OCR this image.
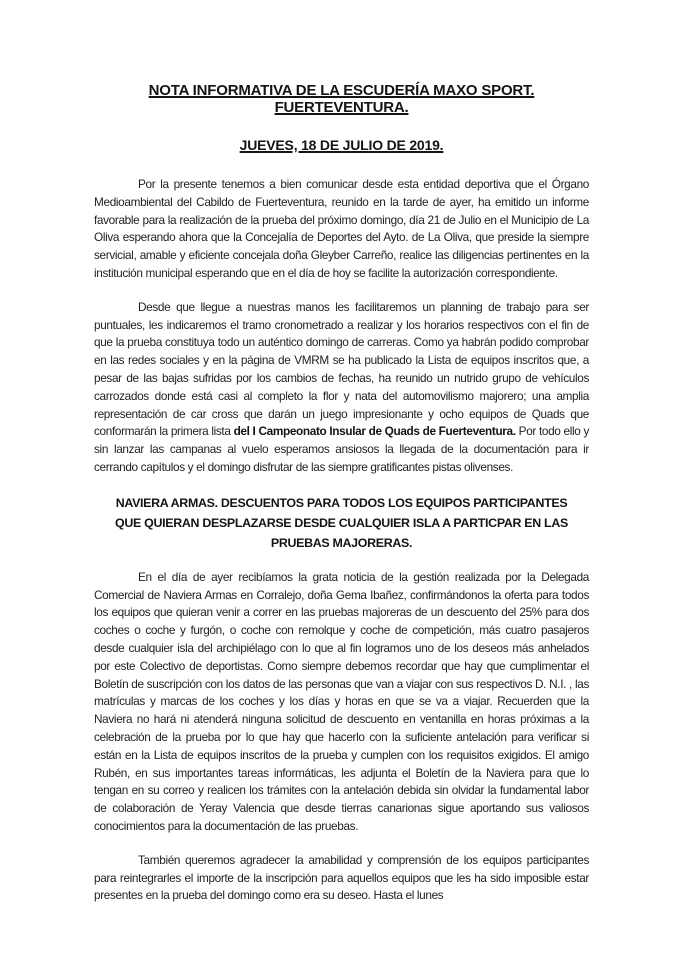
NOTA INFORMATIVA DE LA ESCUDERÍA MAXO SPORT. FUERTEVENTURA.
JUEVES, 18 DE JULIO DE 2019.

Por la presente tenemos a bien comunicar desde esta entidad deportiva que el Órgano Medioambiental del Cabildo de Fuerteventura, reunido en la tarde de ayer, ha emitido un informe favorable para la realización de la prueba del próximo domingo, día 21 de Julio en el Municipio de La Oliva esperando ahora que la Concejalía de Deportes del Ayto. de La Oliva, que preside la siempre servicial, amable y eficiente concejala doña Gleyber Carreño, realice las diligencias pertinentes en la institución municipal esperando que en el día de hoy se facilite la autorización correspondiente.

Desde que llegue a nuestras manos les facilitaremos un planning de trabajo para ser puntuales, les indicaremos el tramo cronometrado a realizar y los horarios respectivos con el fin de que la prueba constituya todo un auténtico domingo de carreras. Como ya habrán podido comprobar en las redes sociales y en la página de VMRM se ha publicado la Lista de equipos inscritos que, a pesar de las bajas sufridas por los cambios de fechas, ha reunido un nutrido grupo de vehículos carrozados donde está casi al completo la flor y nata del automovilismo majorero; una amplia representación de car cross que darán un juego impresionante y ocho equipos de Quads que conformarán la primera lista del I Campeonato Insular de Quads de Fuerteventura. Por todo ello y sin lanzar las campanas al vuelo esperamos ansiosos la llegada de la documentación para ir cerrando capítulos y el domingo disfrutar de las siempre gratificantes pistas olivenses.

NAVIERA ARMAS. DESCUENTOS PARA TODOS LOS EQUIPOS PARTICIPANTES QUE QUIERAN DESPLAZARSE DESDE CUALQUIER ISLA A PARTICPAR EN LAS PRUEBAS MAJORERAS.

En el día de ayer recibíamos la grata noticia de la gestión realizada por la Delegada Comercial de Naviera Armas en Corralejo, doña Gema Ibañez, confirmándonos la oferta para todos los equipos que quieran venir a correr en las pruebas majoreras de un descuento del 25% para dos coches o coche y furgón, o coche con remolque y coche de competición, más cuatro pasajeros desde cualquier isla del archipiélago con lo que al fin logramos uno de los deseos más anhelados por este Colectivo de deportistas. Como siempre debemos recordar que hay que cumplimentar el Boletín de suscripción con los datos de las personas que van a viajar con sus respectivos D. N.I. , las matrículas y marcas de los coches y los días y horas en que se va a viajar. Recuerden que la Naviera no hará ni atenderá ninguna solicitud de descuento en ventanilla en horas próximas a la celebración de la prueba por lo que hay que hacerlo con la suficiente antelación para verificar si están en la Lista de equipos inscritos de la prueba y cumplen con los requisitos exigidos. El amigo Rubén, en sus importantes tareas informáticas, les adjunta el Boletín de la Naviera para que lo tengan en su correo y realicen los trámites con la antelación debida sin olvidar la fundamental labor de colaboración de Yeray Valencia que desde tierras canarionas sigue aportando sus valiosos conocimientos para la documentación de las pruebas.

También queremos agradecer la amabilidad y comprensión de los equipos participantes para reintegrarles el importe de la inscripción para aquellos equipos que les ha sido imposible estar presentes en la prueba del domingo como era su deseo. Hasta el lunes
